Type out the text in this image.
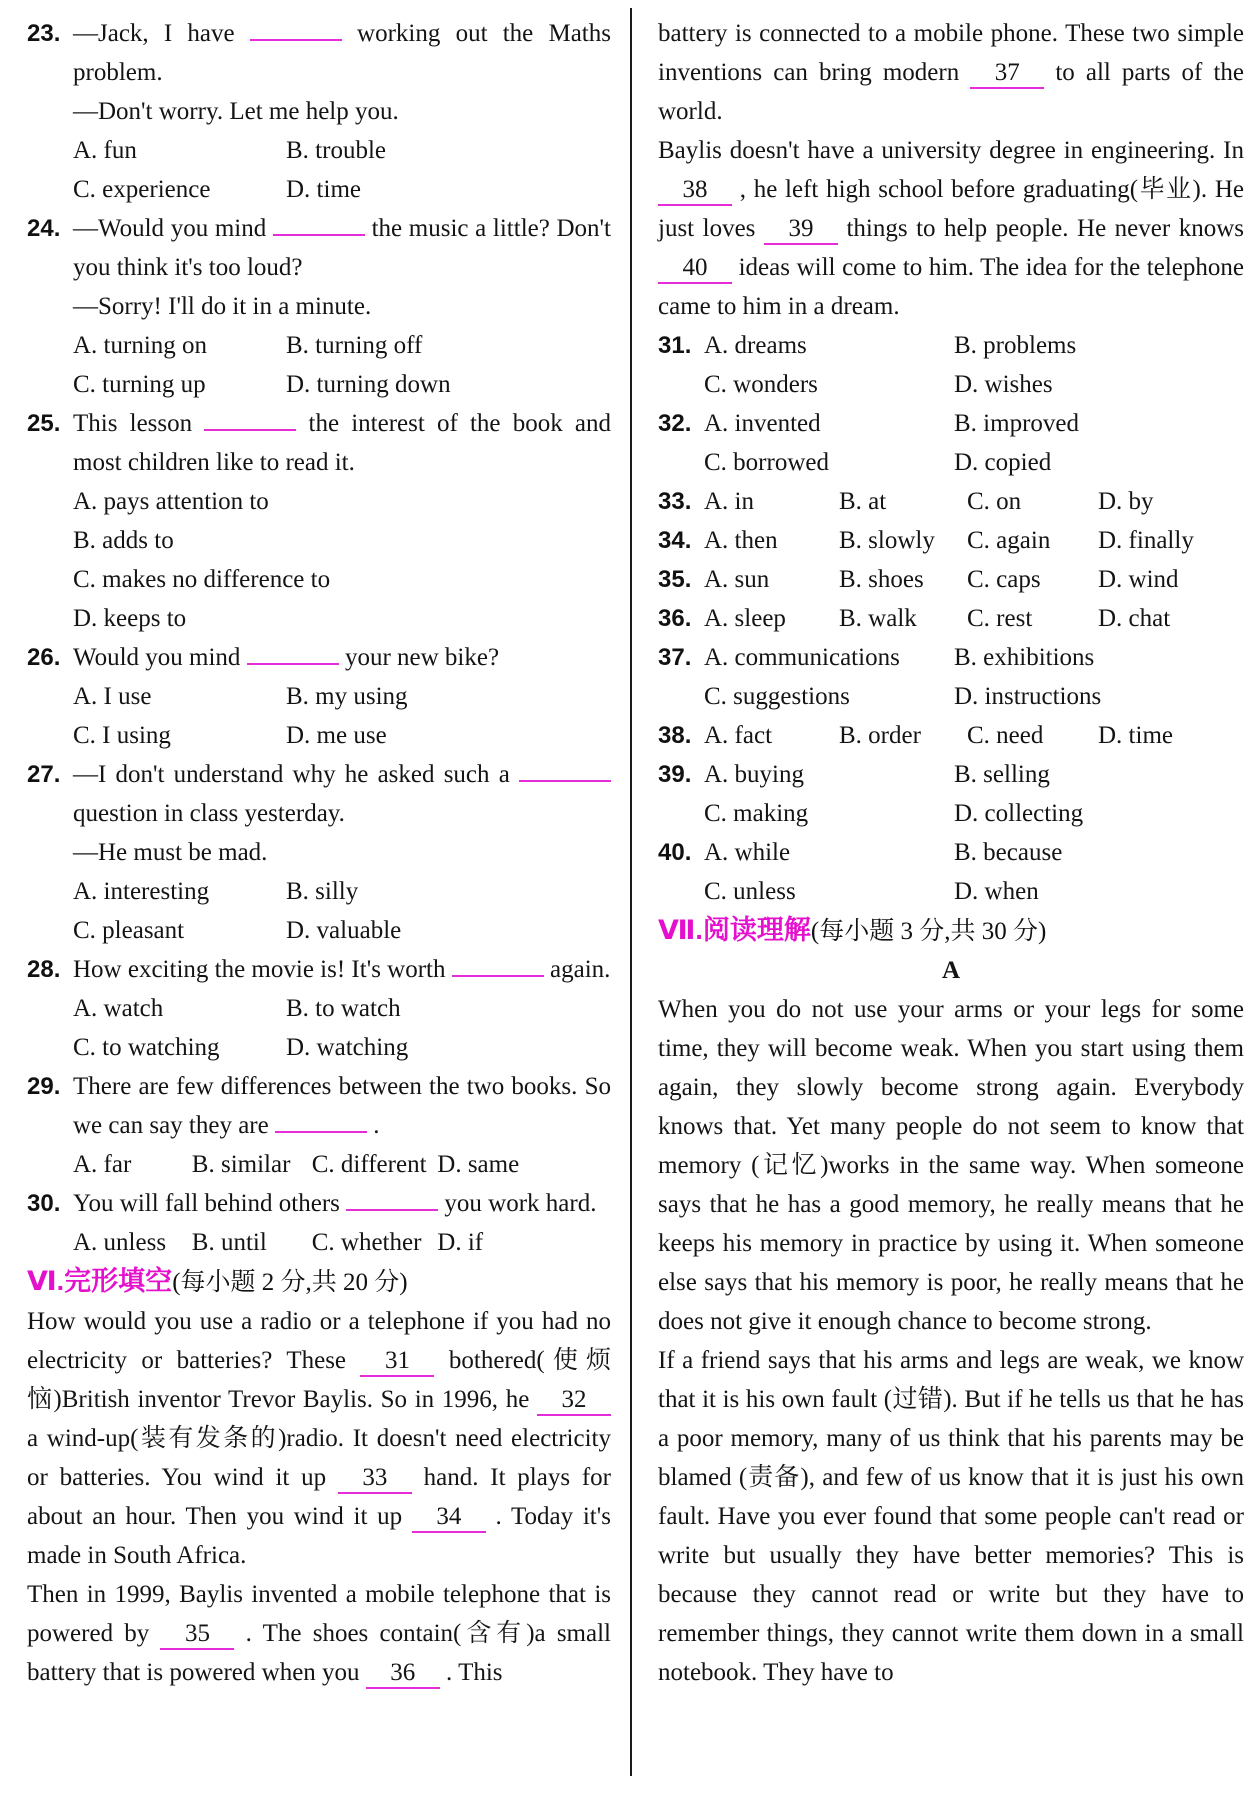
23. —Jack, I have	working out the Maths problem.
—Don't worry. Let me help you.
A. fun	B. trouble
C. experience	D. time
24. —Would you mind	the music a little? Don't you think it's too loud?
—Sorry! I'll do it in a minute.
A. turning on	B. turning off
C. turning up	D. turning down
25. This lesson	the interest of the book and most children like to read it.
A. pays attention to
B. adds to
C. makes no difference to
D. keeps to
26. Would you mind	your new bike?
A. I use	B. my using
C. I using	D. me use
27. —I don't understand why he asked such a  question in class yesterday.
—He must be mad.
A. interesting	B. silly
C. pleasant	D. valuable
28. How exciting the movie is! It's worth	again.
A. watch	B. to watch
C. to watching	D. watching
29. There are few differences between the two books. So we can say they are	.
A. far	B. similar C. different D. same
30. You will fall behind others	you work hard.
A. unless	B. until	C. whether D. if
Ⅵ.完形填空(每小题 2 分,共 20 分)
How would you use a radio or a telephone if you had no electricity or batteries? These 31 bothered(使烦恼)British inventor Trevor Baylis. So in 1996, he 32 a wind-up(装有发条的)radio. It doesn't need electricity or batteries. You wind it up 33 hand. It plays for about an hour. Then you wind it up 34 . Today it's made in South Africa.
Then in 1999, Baylis invented a mobile telephone that is powered by 35 . The shoes contain(含有)a small battery that is powered when you 36 . This
battery is connected to a mobile phone. These two simple inventions can bring modern 37 to all parts of the world.
Baylis doesn't have a university degree in engineering. In 38 , he left high school before graduating(毕业). He just loves 39 things to help people. He never knows 40 ideas will come to him. The idea for the telephone came to him in a dream.
31. A. dreams	B. problems
C. wonders	D. wishes
32. A. invented	B. improved
C. borrowed	D. copied
33. A. in	B. at	C. on	D. by
34. A. then	B. slowly	C. again	D. finally
35. A. sun	B. shoes	C. caps	D. wind
36. A. sleep	B. walk	C. rest	D. chat
37. A. communications	B. exhibitions
C. suggestions	D. instructions
38. A. fact	B. order	C. need	D. time
39. A. buying	B. selling
C. making	D. collecting
40. A. while	B. because
C. unless	D. when
Ⅶ.阅读理解(每小题 3 分,共 30 分)
A
When you do not use your arms or your legs for some time, they will become weak. When you start using them again, they slowly become strong again. Everybody knows that. Yet many people do not seem to know that memory (记忆)works in the same way. When someone says that he has a good memory, he really means that he keeps his memory in practice by using it. When someone else says that his memory is poor, he really means that he does not give it enough chance to become strong.
If a friend says that his arms and legs are weak, we know that it is his own fault (过错). But if he tells us that he has a poor memory, many of us think that his parents may be blamed (责备), and few of us know that it is just his own fault. Have you ever found that some people can't read or write but usually they have better memories? This is because they cannot read or write but they have to remember things, they cannot write them down in a small notebook. They have to
